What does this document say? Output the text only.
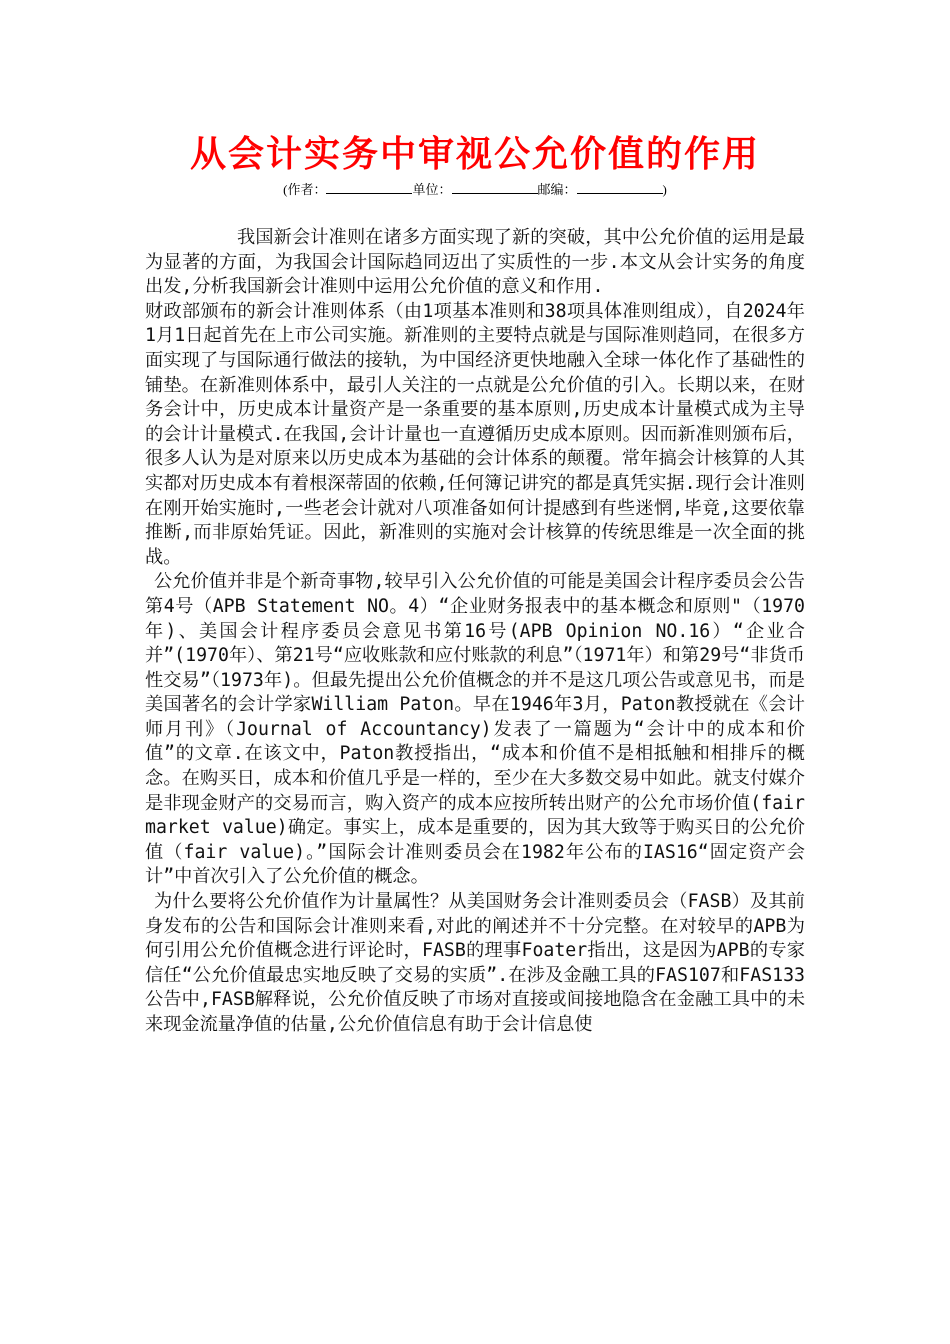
从会计实务中审视公允价值的作用
(作者：	单位：	邮编：	)

我国新会计准则在诸多方面实现了新的突破，其中公允价值的运用是最为显著的方面，为我国会计国际趋同迈出了实质性的一步.本文从会计实务的角度出发,分析我国新会计准则中运用公允价值的意义和作用.

财政部颁布的新会计准则体系（由1项基本准则和38项具体准则组成），自2024年1月1日起首先在上市公司实施。新准则的主要特点就是与国际准则趋同，在很多方面实现了与国际通行做法的接轨，为中国经济更快地融入全球一体化作了基础性的铺垫。在新准则体系中，最引人关注的一点就是公允价值的引入。长期以来，在财务会计中，历史成本计量资产是一条重要的基本原则,历史成本计量模式成为主导的会计计量模式.在我国,会计计量也一直遵循历史成本原则。因而新准则颁布后，很多人认为是对原来以历史成本为基础的会计体系的颠覆。常年搞会计核算的人其实都对历史成本有着根深蒂固的依赖,任何簿记讲究的都是真凭实据.现行会计准则在刚开始实施时,一些老会计就对八项准备如何计提感到有些迷惘,毕竟,这要依靠推断,而非原始凭证。因此，新准则的实施对会计核算的传统思维是一次全面的挑战。

公允价值并非是个新奇事物,较早引入公允价值的可能是美国会计程序委员会公告第4号（APB Statement NO。4）“企业财务报表中的基本概念和原则"（1970年)、美国会计程序委员会意见书第16号(APB Opinion NO.16）“企业合并”(1970年）、第21号“应收账款和应付账款的利息”（1971年）和第29号“非货币性交易”（1973年)。但最先提出公允价值概念的并不是这几项公告或意见书，而是美国著名的会计学家William Paton。早在1946年3月，Paton教授就在《会计师月刊》（Journal of Accountancy)发表了一篇题为“会计中的成本和价值”的文章.在该文中，Paton教授指出，“成本和价值不是相抵触和相排斥的概念。在购买日，成本和价值几乎是一样的，至少在大多数交易中如此。就支付媒介是非现金财产的交易而言，购入资产的成本应按所转出财产的公允市场价值(fair market value)确定。事实上，成本是重要的，因为其大致等于购买日的公允价值（fair value)。”国际会计准则委员会在1982年公布的IAS16“固定资产会计”中首次引入了公允价值的概念。

为什么要将公允价值作为计量属性？从美国财务会计准则委员会（FASB）及其前身发布的公告和国际会计准则来看,对此的阐述并不十分完整。在对较早的APB为何引用公允价值概念进行评论时，FASB的理事Foater指出，这是因为APB的专家信任“公允价值最忠实地反映了交易的实质”.在涉及金融工具的FAS107和FAS133公告中,FASB解释说，公允价值反映了市场对直接或间接地隐含在金融工具中的未来现金流量净值的估量,公允价值信息有助于会计信息使
